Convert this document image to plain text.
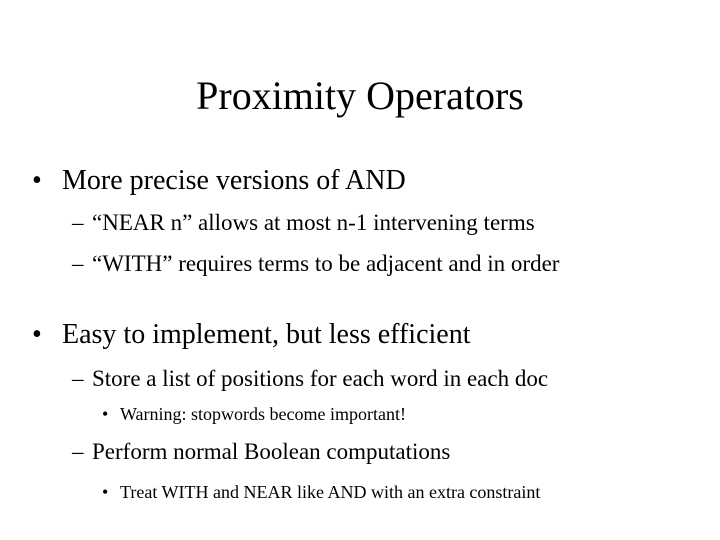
Proximity Operators
• More precise versions of AND
– “NEAR n” allows at most n-1 intervening terms
– “WITH” requires terms to be adjacent and in order
• Easy to implement, but less efficient
– Store a list of positions for each word in each doc
• Warning: stopwords become important!
– Perform normal Boolean computations
• Treat WITH and NEAR like AND with an extra constraint
